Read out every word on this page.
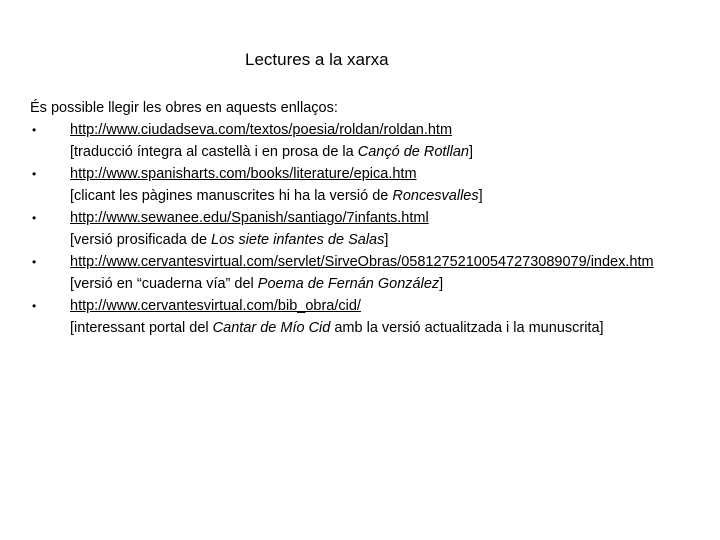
Lectures a la xarxa
És possible llegir les obres en aquests enllaços:
• http://www.ciudadseva.com/textos/poesia/roldan/roldan.htm
[traducció íntegra al castellà i en prosa de la Cançó de Rotllan]
• http://www.spanisharts.com/books/literature/epica.htm
[clicant les pàgines manuscrites hi ha la versió de Roncesvalles]
• http://www.sewanee.edu/Spanish/santiago/7infants.html
[versió prosificada de Los siete infantes de Salas]
• http://www.cervantesvirtual.com/servlet/SirveObras/05812752100547273089079/index.htm
[versió en “cuaderna vía” del Poema de Fernán González]
• http://www.cervantesvirtual.com/bib_obra/cid/
[interessant portal del Cantar de Mío Cid amb la versió actualitzada i la munuscrita]
